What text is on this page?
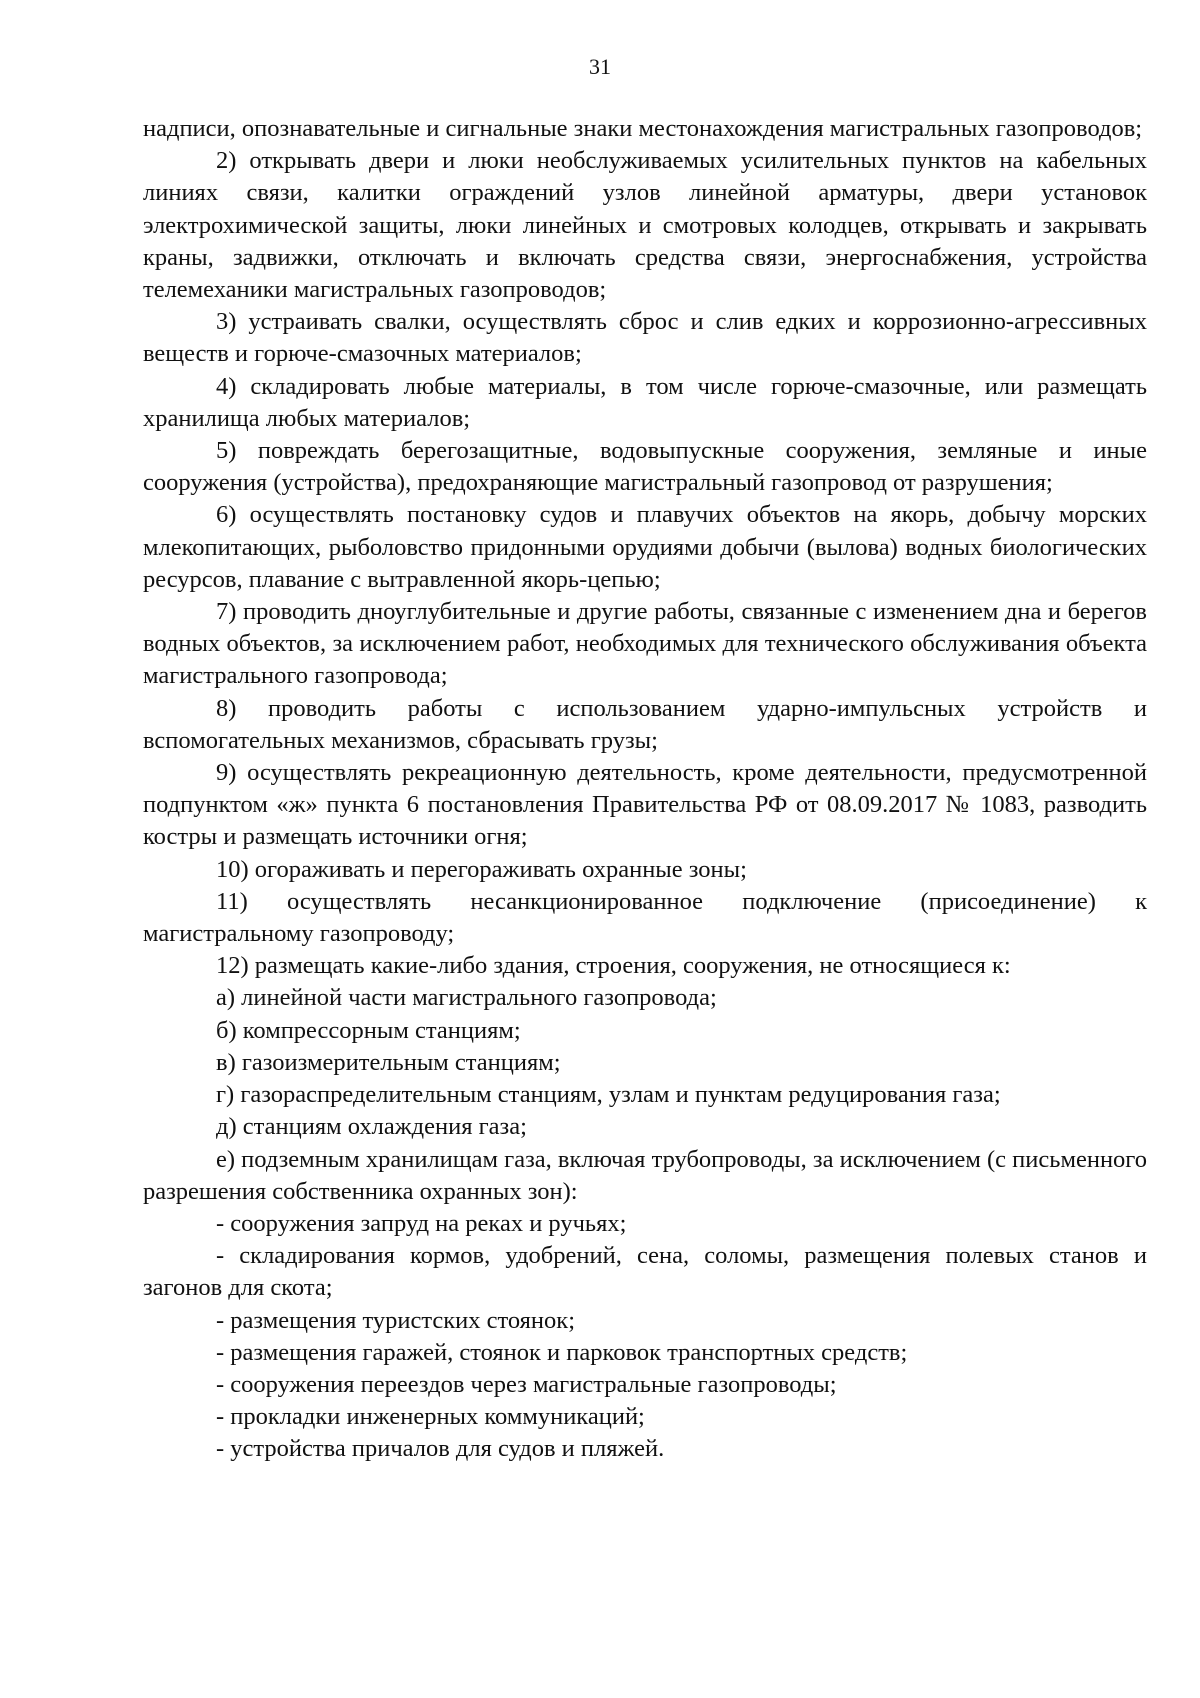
31

надписи, опознавательные и сигнальные знаки местонахождения магистральных газопроводов;

2) открывать двери и люки необслуживаемых усилительных пунктов на кабельных линиях связи, калитки ограждений узлов линейной арматуры, двери установок электрохимической защиты, люки линейных и смотровых колодцев, открывать и закрывать краны, задвижки, отключать и включать средства связи, энергоснабжения, устройства телемеханики магистральных газопроводов;

3) устраивать свалки, осуществлять сброс и слив едких и коррозионно-агрессивных веществ и горюче-смазочных материалов;

4) складировать любые материалы, в том числе горюче-смазочные, или размещать хранилища любых материалов;

5) повреждать берегозащитные, водовыпускные сооружения, земляные и иные сооружения (устройства), предохраняющие магистральный газопровод от разрушения;

6) осуществлять постановку судов и плавучих объектов на якорь, добычу морских млекопитающих, рыболовство придонными орудиями добычи (вылова) водных биологических ресурсов, плавание с вытравленной якорь-цепью;

7) проводить дноуглубительные и другие работы, связанные с изменением дна и берегов водных объектов, за исключением работ, необходимых для технического обслуживания объекта магистрального газопровода;

8) проводить работы с использованием ударно-импульсных устройств и вспомогательных механизмов, сбрасывать грузы;

9) осуществлять рекреационную деятельность, кроме деятельности, предусмотренной подпунктом «ж» пункта 6 постановления Правительства РФ от 08.09.2017 № 1083, разводить костры и размещать источники огня;

10) огораживать и перегораживать охранные зоны;

11) осуществлять несанкционированное подключение (присоединение) к магистральному газопроводу;

12) размещать какие-либо здания, строения, сооружения, не относящиеся к:

а) линейной части магистрального газопровода;

б) компрессорным станциям;

в) газоизмерительным станциям;

г) газораспределительным станциям, узлам и пунктам редуцирования газа;

д) станциям охлаждения газа;

е) подземным хранилищам газа, включая трубопроводы, за исключением (с письменного разрешения собственника охранных зон):

- сооружения запруд на реках и ручьях;

- складирования кормов, удобрений, сена, соломы, размещения полевых станов и загонов для скота;

- размещения туристских стоянок;

- размещения гаражей, стоянок и парковок транспортных средств;

- сооружения переездов через магистральные газопроводы;

- прокладки инженерных коммуникаций;

- устройства причалов для судов и пляжей.
